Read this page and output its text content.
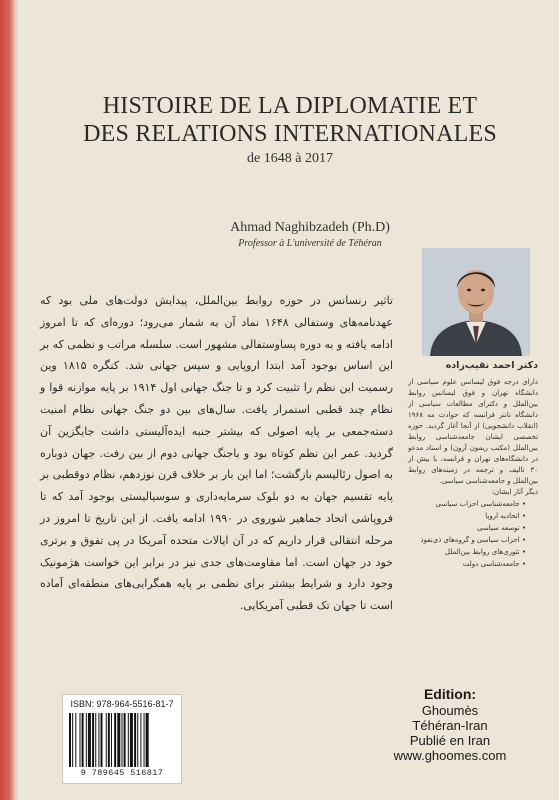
HISTOIRE DE LA DIPLOMATIE ET
DES RELATIONS INTERNATIONALES
de 1648 à 2017
Ahmad Naghibzadeh (Ph.D)
Professor à L'université de Téhéran
دکتر احمد نقیب‌زاده
دارای درجه فوق لیسانس علوم سیاسی از دانشگاه تهران و فوق لیسانس روابط بین‌الملل و دکترای مطالعات سیاسی از دانشگاه نانتر فرانسه که حوادث مه ۱۹۶۸ (انقلاب دانشجویی) از آنجا آغاز گردید. حوزه تخصصی ایشان جامعه‌شناسی روابط بین‌الملل (مکتب ریمون آرون) و استاد مدعو در دانشگاه‌های تهران و فرانسه، با بیش از ۳۰ تالیف و ترجمه در زمینه‌های روابط بین‌الملل و جامعه‌شناسی سیاسی.
دیگر آثار ایشان:
• جامعه‌شناسی احزاب سیاسی
• اتحادیه اروپا
• توسعه سیاسی
• احزاب سیاسی و گروه‌های ذی‌نفوذ
• تئوری‌های روابط بین‌الملل
• جامعه‌شناسی دولت
تاثیر رنسانس در حوزه روابط بین‌الملل، پیدایش دولت‌های ملی بود که عهدنامه‌های وستفالی ۱۶۴۸ نماد آن به شمار می‌رود؛ دوره‌ای که تا امروز ادامه یافته و به دوره پساوستفالی مشهور است. سلسله مراتب و نظمی که بر این اساس بوجود آمد ابتدا اروپایی و سپس جهانی شد. کنگره ۱۸۱۵ وین رسمیت این نظم را تثبیت کرد و تا جنگ جهانی اول ۱۹۱۴ بر پایه موازنه قوا و نظام چند قطبی استمرار یافت. سال‌های بین دو جنگ جهانی نظام امنیت دسته‌جمعی بر پایه اصولی که بیشتر جنبه ایده‌آلیستی داشت جایگزین آن گردید. عمر این نظم کوتاه بود و باجنگ جهانی دوم از بین رفت. جهان دوباره به اصول رئالیسم بازگشت؛ اما این بار بر خلاف قرن نوزدهم، نظام دوقطبی بر پایه تقسیم جهان به دو بلوک سرمایه‌داری و سوسیالیستی بوجود آمد که تا فروپاشی اتحاد جماهیر شوروی در ۱۹۹۰ ادامه یافت. از این تاریخ تا امروز در مرحله انتقالی قرار داریم که در آن ایالات متحده آمریکا در پی تفوق و برتری خود در جهان است. اما مقاومت‌های جدی نیز در برابر این خواست هژمونیک وجود دارد و شرایط بیشتر برای نظمی بر پایه همگرایی‌های منطقه‌ای آماده است تا جهان تک قطبی آمریکایی.
ISBN: 978-964-5516-81-7
9 789645 516817
Edition:
Ghoumès
Téhéran-Iran
Publié en Iran
www.ghoomes.com
